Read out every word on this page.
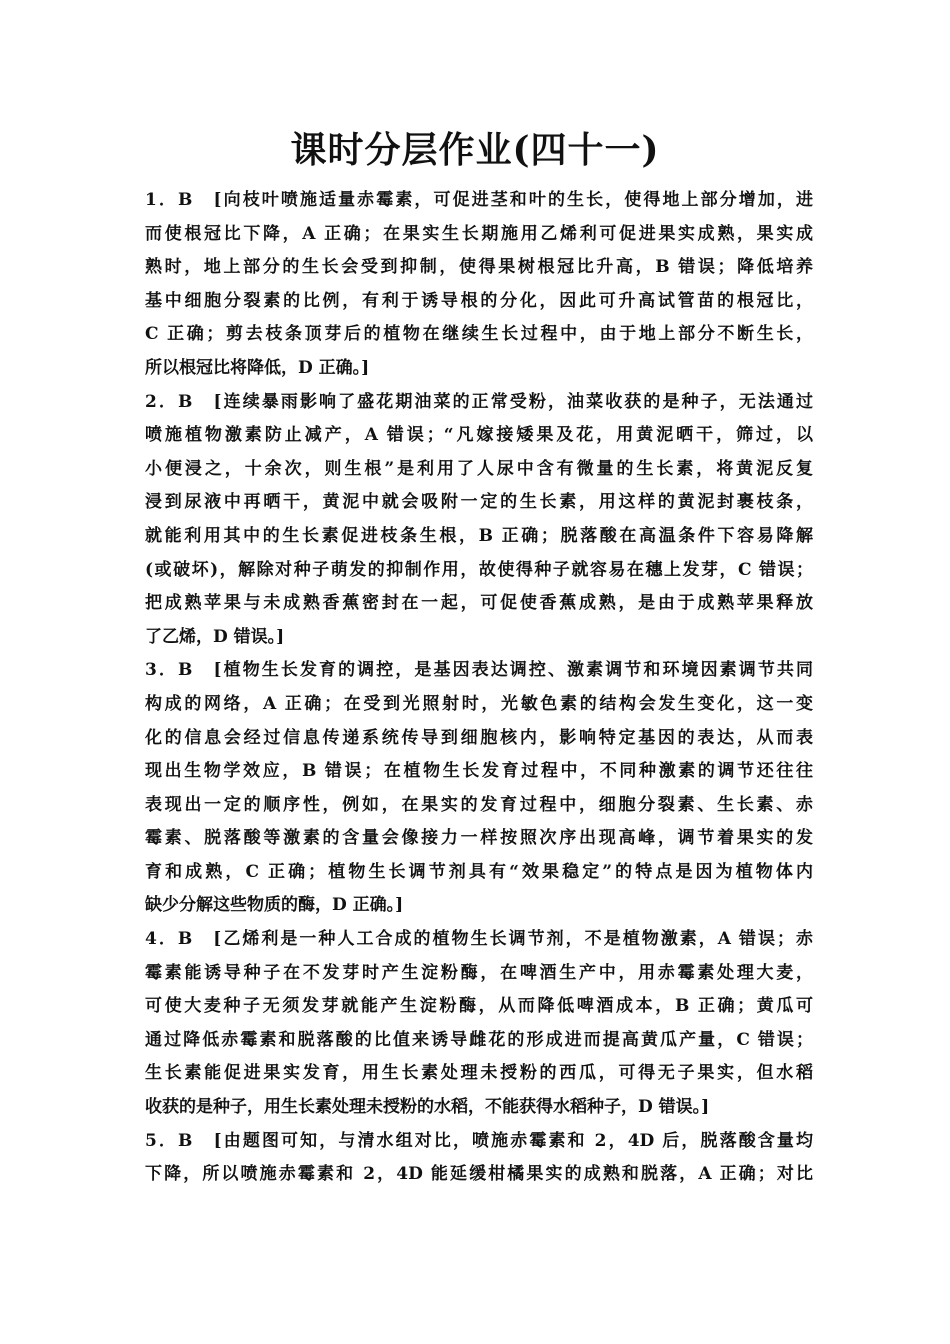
课时分层作业(四十一)
1．B　[向枝叶喷施适量赤霉素，可促进茎和叶的生长，使得地上部分增加，进
而使根冠比下降，A 正确；在果实生长期施用乙烯利可促进果实成熟，果实成
熟时，地上部分的生长会受到抑制，使得果树根冠比升高，B 错误；降低培养
基中细胞分裂素的比例，有利于诱导根的分化，因此可升高试管苗的根冠比，
C 正确；剪去枝条顶芽后的植物在继续生长过程中，由于地上部分不断生长，
所以根冠比将降低，D 正确。]
2．B　[连续暴雨影响了盛花期油菜的正常受粉，油菜收获的是种子，无法通过
喷施植物激素防止减产，A 错误；“凡嫁接矮果及花，用黄泥晒干，筛过，以
小便浸之，十余次，则生根”是利用了人尿中含有微量的生长素，将黄泥反复
浸到尿液中再晒干，黄泥中就会吸附一定的生长素，用这样的黄泥封裹枝条，
就能利用其中的生长素促进枝条生根，B 正确；脱落酸在高温条件下容易降解
(或破坏)，解除对种子萌发的抑制作用，故使得种子就容易在穗上发芽，C 错误；
把成熟苹果与未成熟香蕉密封在一起，可促使香蕉成熟，是由于成熟苹果释放
了乙烯，D 错误。]
3．B　[植物生长发育的调控，是基因表达调控、激素调节和环境因素调节共同
构成的网络，A 正确；在受到光照射时，光敏色素的结构会发生变化，这一变
化的信息会经过信息传递系统传导到细胞核内，影响特定基因的表达，从而表
现出生物学效应，B 错误；在植物生长发育过程中，不同种激素的调节还往往
表现出一定的顺序性，例如，在果实的发育过程中，细胞分裂素、生长素、赤
霉素、脱落酸等激素的含量会像接力一样按照次序出现高峰，调节着果实的发
育和成熟，C 正确；植物生长调节剂具有“效果稳定”的特点是因为植物体内
缺少分解这些物质的酶，D 正确。]
4．B　[乙烯利是一种人工合成的植物生长调节剂，不是植物激素，A 错误；赤
霉素能诱导种子在不发芽时产生淀粉酶，在啤酒生产中，用赤霉素处理大麦，
可使大麦种子无须发芽就能产生淀粉酶，从而降低啤酒成本，B 正确；黄瓜可
通过降低赤霉素和脱落酸的比值来诱导雌花的形成进而提高黄瓜产量，C 错误；
生长素能促进果实发育，用生长素处理未授粉的西瓜，可得无子果实，但水稻
收获的是种子，用生长素处理未授粉的水稻，不能获得水稻种子，D 错误。]
5．B　[由题图可知，与清水组对比，喷施赤霉素和 2，4D 后，脱落酸含量均
下降，所以喷施赤霉素和 2，4D 能延缓柑橘果实的成熟和脱落，A 正确；对比
